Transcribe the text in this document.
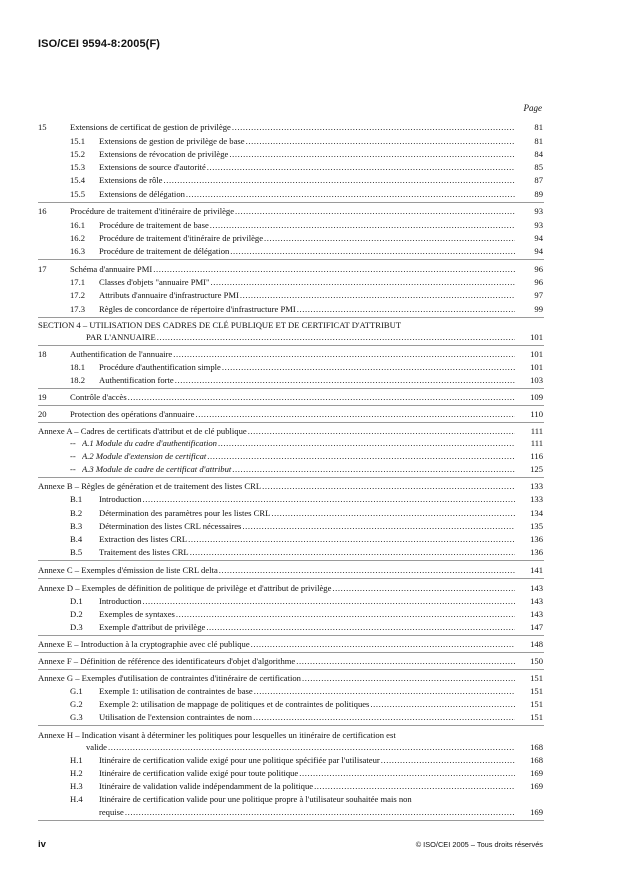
ISO/CEI 9594-8:2005(F)
Page
15	Extensions de certificat de gestion de privilège .....	81
15.1 Extensions de gestion de privilège de base .....	81
15.2 Extensions de révocation de privilège .....	84
15.3 Extensions de source d'autorité .....	85
15.4 Extensions de rôle .....	87
15.5 Extensions de délégation .....	89
16	Procédure de traitement d'itinéraire de privilège .....	93
16.1 Procédure de traitement de base .....	93
16.2 Procédure de traitement d'itinéraire de privilège .....	94
16.3 Procédure de traitement de délégation .....	94
17	Schéma d'annuaire PMI .....	96
17.1 Classes d'objets "annuaire PMI" .....	96
17.2 Attributs d'annuaire d'infrastructure PMI .....	97
17.3 Règles de concordance de répertoire d'infrastructure PMI .....	99
SECTION 4 – UTILISATION DES CADRES DE CLÉ PUBLIQUE ET DE CERTIFICAT D'ATTRIBUT
PAR L'ANNUAIRE .....	101
18	Authentification de l'annuaire .....	101
18.1 Procédure d'authentification simple .....	101
18.2 Authentification forte .....	103
19	Contrôle d'accès .....	109
20	Protection des opérations d'annuaire .....	110
Annexe A – Cadres de certificats d'attribut et de clé publique .....	111
-- A.1 Module du cadre d'authentification .....	111
-- A.2 Module d'extension de certificat .....	116
-- A.3 Module de cadre de certificat d'attribut .....	125
Annexe B – Règles de génération et de traitement des listes CRL .....	133
B.1 Introduction .....	133
B.2 Détermination des paramètres pour les listes CRL .....	134
B.3 Détermination des listes CRL nécessaires .....	135
B.4 Extraction des listes CRL .....	136
B.5 Traitement des listes CRL .....	136
Annexe C – Exemples d'émission de liste CRL delta .....	141
Annexe D – Exemples de définition de politique de privilège et d'attribut de privilège .....	143
D.1 Introduction .....	143
D.2 Exemples de syntaxes .....	143
D.3 Exemple d'attribut de privilège .....	147
Annexe E – Introduction à la cryptographie avec clé publique .....	148
Annexe F – Définition de référence des identificateurs d'objet d'algorithme .....	150
Annexe G – Exemples d'utilisation de contraintes d'itinéraire de certification .....	151
G.1 Exemple 1: utilisation de contraintes de base .....	151
G.2 Exemple 2: utilisation de mappage de politiques et de contraintes de politiques .....	151
G.3 Utilisation de l'extension contraintes de nom .....	151
Annexe H – Indication visant à déterminer les politiques pour lesquelles un itinéraire de certification est
valide .....	168
H.1 Itinéraire de certification valide exigé pour une politique spécifiée par l'utilisateur .....	168
H.2 Itinéraire de certification valide exigé pour toute politique .....	169
H.3 Itinéraire de validation valide indépendamment de la politique .....	169
H.4 Itinéraire de certification valide pour une politique propre à l'utilisateur souhaitée mais non
requise .....	169
iv	© ISO/CEI 2005 – Tous droits réservés
